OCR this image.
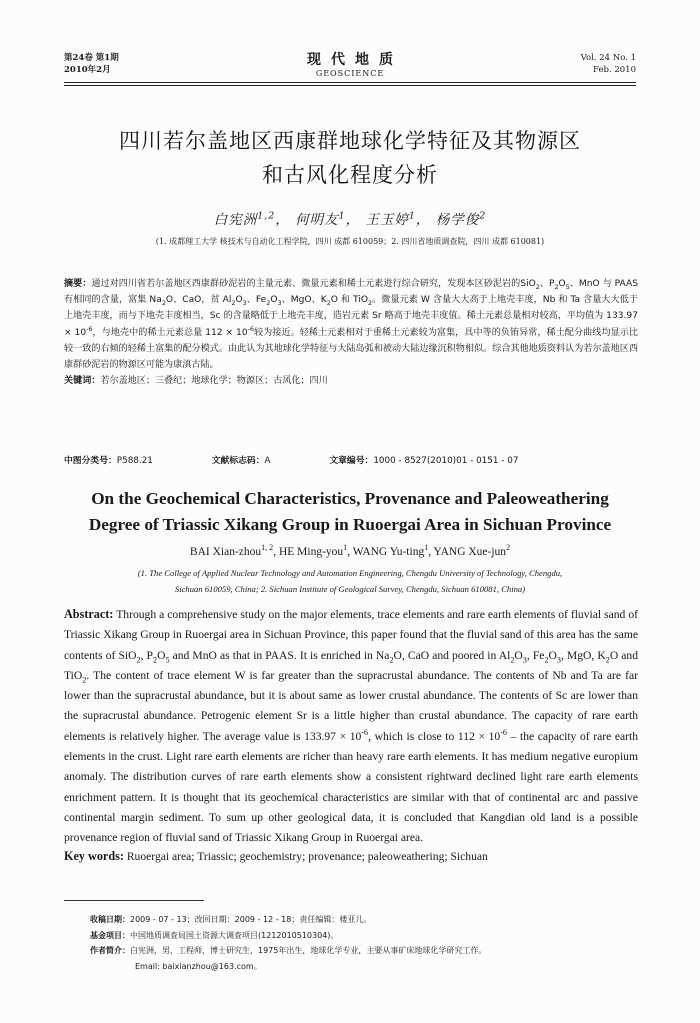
第24卷 第1期
2010年2月
现代地质
GEOSCIENCE
Vol. 24 No. 1
Feb. 2010
四川若尔盖地区西康群地球化学特征及其物源区
和古风化程度分析
白宪洲$^{1,2}$， 何明友$^1$， 王玉婷$^1$， 杨学俊$^2$
(1. 成都理工大学 核技术与自动化工程学院，四川 成都 610059；2. 四川省地质调查院，四川 成都 610081)
摘要：通过对四川省若尔盖地区西康群砂泥岩的主量元素、微量元素和稀土元素进行综合研究，发现本区砂泥岩的SiO$_2$、$P_2O_5$、MnO 与 PAAS 有相同的含量，富集 $Na_2O$、CaO，贫 $Al_2O_3$、$Fe_2O_3$、MgO、$K_2O$ 和 TiO$_2$。微量元素 W 含量大大高于上地壳丰度，Nb 和 Ta 含量大大低于上地壳丰度，而与下地壳丰度相当，Sc 的含量略低于上地壳丰度，造岩元素 Sr 略高于地壳丰度值。稀土元素总量相对较高，平均值为 $133.97 \times 10^{-6}$，与地壳中的稀土元素总量 $112 \times 10^{-6}$较为接近。轻稀土元素相对于重稀土元素较为富集，具中等的负铕异常，稀土配分曲线均显示比较一致的右倾的轻稀土富集的配分模式。由此认为其地球化学特征与大陆岛弧和被动大陆边缘沉积物相似。综合其他地质资料认为若尔盖地区西康群砂泥岩的物源区可能为康滇古陆。
关键词：若尔盖地区；三叠纪；地球化学；物源区；古风化；四川
中图分类号：P588.21	文献标志码：A	文章编号：1000 - 8527(2010)01 - 0151 - 07
On the Geochemical Characteristics, Provenance and Paleoweathering
Degree of Triassic Xikang Group in Ruoergai Area in Sichuan Province
BAI Xian-zhou$^{1, 2}$, HE Ming-you$^1$, WANG Yu-ting$^1$, YANG Xue-jun$^2$
(1. The College of Applied Nuclear Technology and Automation Engineering, Chengdu University of Technology, Chengdu,
Sichuan 610059, China; 2. Sichuan Institute of Geological Survey, Chengdu, Sichuan 610081, China)
Abstract: Through a comprehensive study on the major elements, trace elements and rare earth elements of fluvial sand of Triassic Xikang Group in Ruoergai area in Sichuan Province, this paper found that the fluvial sand of this area has the same contents of SiO$_2$, $P_2O_5$ and MnO as that in PAAS. It is enriched in $Na_2O$, CaO and poored in $Al_2O_3$, $Fe_2O_3$, MgO, $K_2O$ and TiO$_2$. The content of trace element W is far greater than the supracrustal abundance. The contents of Nb and Ta are far lower than the supracrustal abundance, but it is about same as lower crustal abundance. The contents of Sc are lower than the supracrustal abundance. Petrogenic element Sr is a little higher than crustal abundance. The capacity of rare earth elements is relatively higher. The average value is $133.97 \times 10^{-6}$, which is close to $112 \times 10^{-6}$ – the capacity of rare earth elements in the crust. Light rare earth elements are richer than heavy rare earth elements. It has medium negative europium anomaly. The distribution curves of rare earth elements show a consistent rightward declined light rare earth elements enrichment pattern. It is thought that its geochemical characteristics are similar with that of continental arc and passive continental margin sediment. To sum up other geological data, it is concluded that Kangdian old land is a possible provenance region of fluvial sand of Triassic Xikang Group in Ruoergai area.
Key words: Ruoergai area; Triassic; geochemistry; provenance; paleoweathering; Sichuan
收稿日期：2009 - 07 - 13；改回日期：2009 - 12 - 18；责任编辑：楼亚儿。
基金项目：中国地质调查局国土资源大调查项目(1212010510304)。
作者简介：白宪洲，男，工程师，博士研究生，1975年出生，地球化学专业，主要从事矿床地球化学研究工作。
Email: baixianzhou@163.com。
